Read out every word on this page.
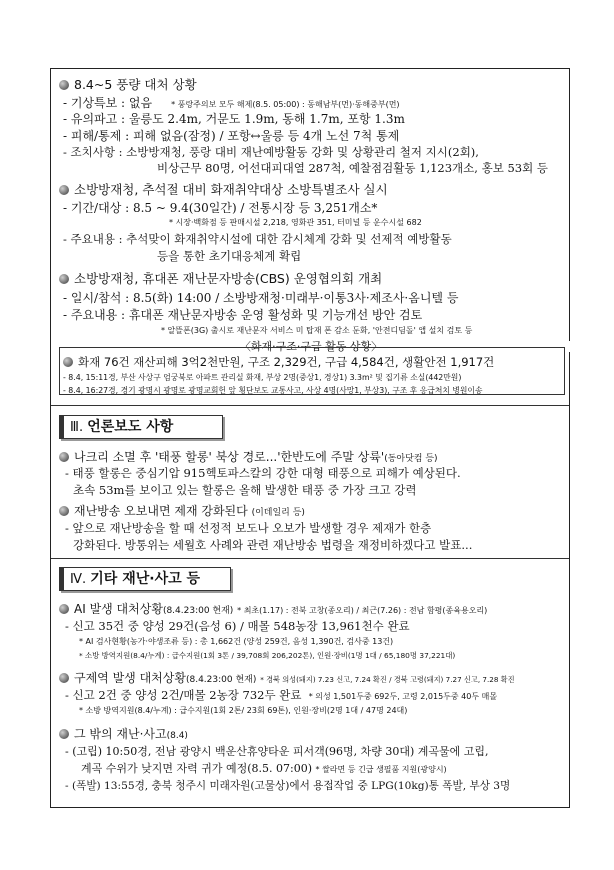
8.4~5 풍량 대처 상황
- 기상특보 : 없음 * 풍랑주의보 모두 해제(8.5. 05:00) : 동해남부(먼)·동해중부(먼)
- 유의파고 : 울릉도 2.4m, 거문도 1.9m, 동해 1.7m, 포항 1.3m
- 피해/통제 : 피해 없음(잠정) / 포항↔울릉 등 4개 노선 7척 통제
- 조치사항 : 소방방재청, 풍랑 대비 재난예방활동 강화 및 상황관리 철저 지시(2회),
비상근무 80명, 어선대피대열 287척, 예찰점검활동 1,123개소, 홍보 53회 등
소방방재청, 추석절 대비 화재취약대상 소방특별조사 실시
- 기간/대상 : 8.5 ~ 9.4(30일간) / 전통시장 등 3,251개소*
* 시장·백화점 등 판매시설 2,218, 영화관 351, 터미널 등 운수시설 682
- 주요내용 : 추석맞이 화재취약시설에 대한 감시체계 강화 및 선제적 예방활동
등을 통한 초기대응체계 확립
소방방재청, 휴대폰 재난문자방송(CBS) 운영협의회 개최
- 일시/참석 : 8.5(화) 14:00 / 소방방재청·미래부·이통3사·제조사·옴니텔 등
- 주요내용 : 휴대폰 재난문자방송 운영 활성화 및 기능개선 방안 검토
* 알뜰폰(3G) 출시로 재난문자 서비스 미 탑재 폰 감소 둔화, '안전디딤돌' 앱 설치 검토 등
〈화재·구조·구급 활동 상황〉
화재 76건 재산피해 3억2천만원, 구조 2,329건, 구급 4,584건, 생활안전 1,917건
- 8.4, 15:11경, 부산 사상구 엄궁북로 아파트 관리실 화재, 부상 2명(중상1, 경상1) 3.3m² 및 집기류 소실(442만원)
- 8.4, 16:27경, 경기 광명시 광명로 광명교회헌 앞 횡단보도 교통사고, 사상 4명(사망1, 부상3), 구조 후 응급처치 병원이송
Ⅲ. 언론보도 사항
나크리 소멸 후 '태풍 할롱' 북상 경로...'한반도에 주말 상륙'(동아닷컴 등)
- 태풍 할롱은 중심기압 915헥토파스칼의 강한 대형 태풍으로 피해가 예상된다.
초속 53m를 보이고 있는 할롱은 올해 발생한 태풍 중 가장 크고 강력
재난방송 오보내면 제재 강화된다 (이데일리 등)
- 앞으로 재난방송을 할 때 선정적 보도나 오보가 발생할 경우 제재가 한층
강화된다. 방통위는 세월호 사례와 관련 재난방송 법령을 재정비하겠다고 발표...
Ⅳ. 기타 재난·사고 등
AI 발생 대처상황(8.4.23:00 현재) * 최초(1.17) : 전북 고창(종오리) / 최근(7.26) : 전남 함평(종육용오리)
- 신고 35건 중 양성 29건(음성 6) / 매몰 548농장 13,961천수 완료
* AI 검사현황(농가·야생조류 등) : 총 1,662건 (양성 259건, 음성 1,390건, 검사중 13건)
* 소방 방역지원(8.4/누계) : 급수지원(1회 3톤 / 39,708회 206,202톤), 인원·장비(1명 1대 / 65,180명 37,221대)
구제역 발생 대처상황(8.4.23:00 현재) * 경북 의성(돼지) 7.23 신고, 7.24 확진 / 경북 고령(돼지) 7.27 신고, 7.28 확진
- 신고 2건 중 양성 2건/매몰 2농장 732두 완료 * 의성 1,501두중 692두, 고령 2,015두중 40두 매몰
* 소방 방역지원(8.4/누계) : 급수지원(1회 2톤/ 23회 69톤), 인원·장비(2명 1대 / 47명 24대)
그 밖의 재난·사고(8.4)
- (고립) 10:50경, 전남 광양시 백운산휴양타운 피서객(96명, 차량 30대) 계곡물에 고립,
계곡 수위가 낮지면 자력 귀가 예정(8.5. 07:00) * 쌀라면 등 긴급 생필품 지원(광양시)
- (폭발) 13:55경, 충북 청주시 미래자원(고물상)에서 용접작업 중 LPG(10kg)통 폭발, 부상 3명
